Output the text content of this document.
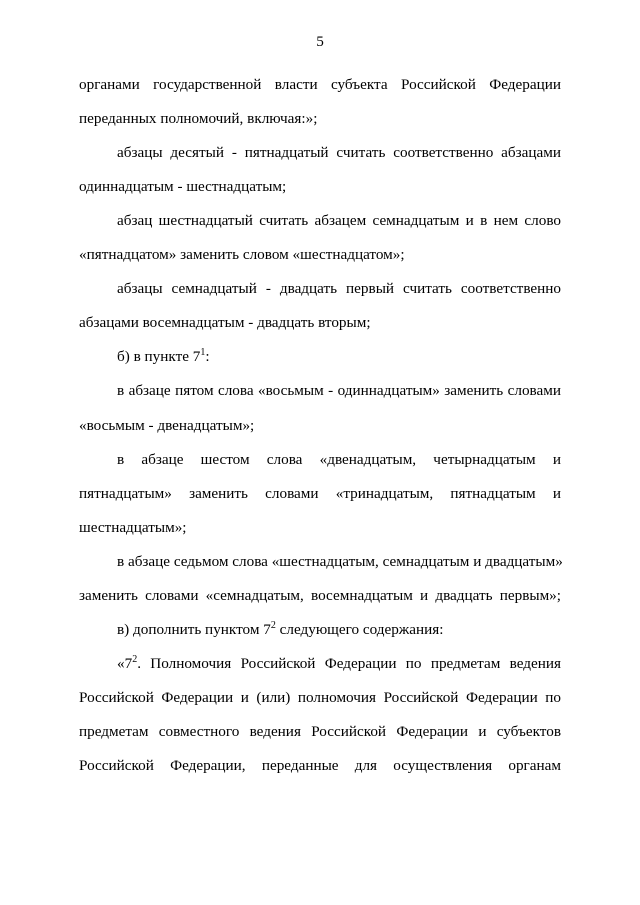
5
органами государственной власти субъекта Российской Федерации
переданных полномочий, включая:»;
абзацы десятый - пятнадцатый считать соответственно абзацами
одиннадцатым - шестнадцатым;
абзац шестнадцатый считать абзацем семнадцатым и в нем слово
«пятнадцатом» заменить словом «шестнадцатом»;
абзацы семнадцатый - двадцать первый считать соответственно
абзацами восемнадцатым - двадцать вторым;
б) в пункте $7^1$:
в абзаце пятом слова «восьмым - одиннадцатым» заменить словами
«восьмым - двенадцатым»;
в абзаце шестом слова «двенадцатым, четырнадцатым и
пятнадцатым» заменить словами «тринадцатым, пятнадцатым и
шестнадцатым»;
в абзаце седьмом слова «шестнадцатым, семнадцатым и двадцатым»
заменить словами «семнадцатым, восемнадцатым и двадцать первым»;
в) дополнить пунктом $7^2$ следующего содержания:
«$7^2$. Полномочия Российской Федерации по предметам ведения
Российской Федерации и (или) полномочия Российской Федерации по
предметам совместного ведения Российской Федерации и субъектов
Российской Федерации, переданные для осуществления органам
